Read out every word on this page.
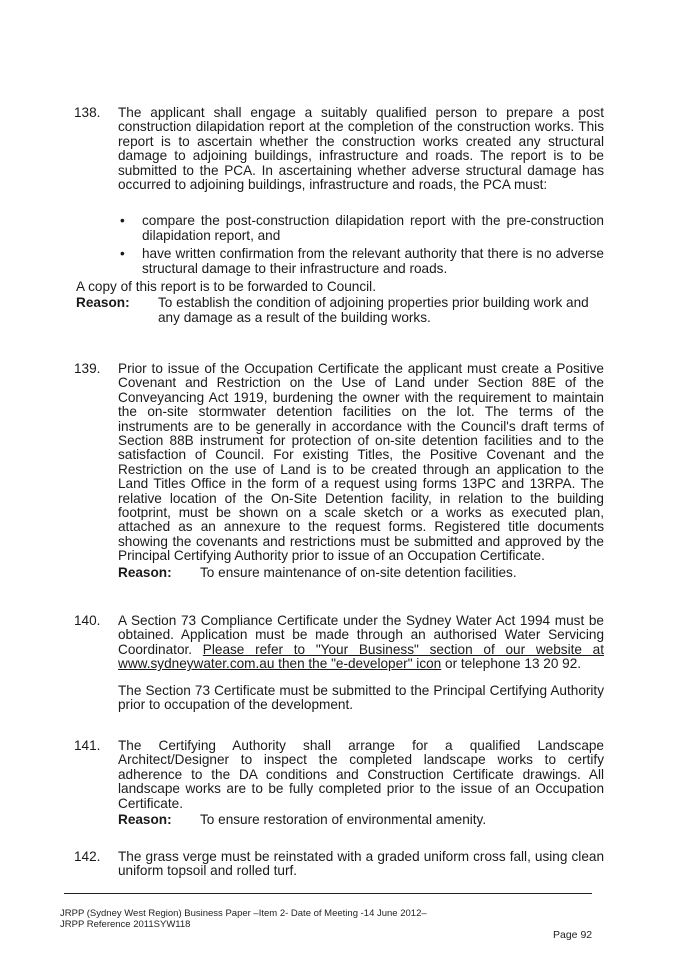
138.	The applicant shall engage a suitably qualified person to prepare a post construction dilapidation report at the completion of the construction works. This report is to ascertain whether the construction works created any structural damage to adjoining buildings, infrastructure and roads. The report is to be submitted to the PCA. In ascertaining whether adverse structural damage has occurred to adjoining buildings, infrastructure and roads, the PCA must:

• compare the post-construction dilapidation report with the pre-construction dilapidation report, and
• have written confirmation from the relevant authority that there is no adverse structural damage to their infrastructure and roads.

A copy of this report is to be forwarded to Council.

Reason:	To establish the condition of adjoining properties prior building work and any damage as a result of the building works.
139.	Prior to issue of the Occupation Certificate the applicant must create a Positive Covenant and Restriction on the Use of Land under Section 88E of the Conveyancing Act 1919, burdening the owner with the requirement to maintain the on-site stormwater detention facilities on the lot. The terms of the instruments are to be generally in accordance with the Council's draft terms of Section 88B instrument for protection of on-site detention facilities and to the satisfaction of Council. For existing Titles, the Positive Covenant and the Restriction on the use of Land is to be created through an application to the Land Titles Office in the form of a request using forms 13PC and 13RPA. The relative location of the On-Site Detention facility, in relation to the building footprint, must be shown on a scale sketch or a works as executed plan, attached as an annexure to the request forms. Registered title documents showing the covenants and restrictions must be submitted and approved by the Principal Certifying Authority prior to issue of an Occupation Certificate.

Reason:	To ensure maintenance of on-site detention facilities.
140.	A Section 73 Compliance Certificate under the Sydney Water Act 1994 must be obtained. Application must be made through an authorised Water Servicing Coordinator. Please refer to "Your Business" section of our website at www.sydneywater.com.au then the "e-developer" icon or telephone 13 20 92.

The Section 73 Certificate must be submitted to the Principal Certifying Authority prior to occupation of the development.

141.	The Certifying Authority shall arrange for a qualified Landscape Architect/Designer to inspect the completed landscape works to certify adherence to the DA conditions and Construction Certificate drawings. All landscape works are to be fully completed prior to the issue of an Occupation Certificate.

Reason:	To ensure restoration of environmental amenity.
142.	The grass verge must be reinstated with a graded uniform cross fall, using clean uniform topsoil and rolled turf.

JRPP (Sydney West Region) Business Paper –Item 2- Date of Meeting -14 June 2012–
JRPP Reference 2011SYW118
Page 92
